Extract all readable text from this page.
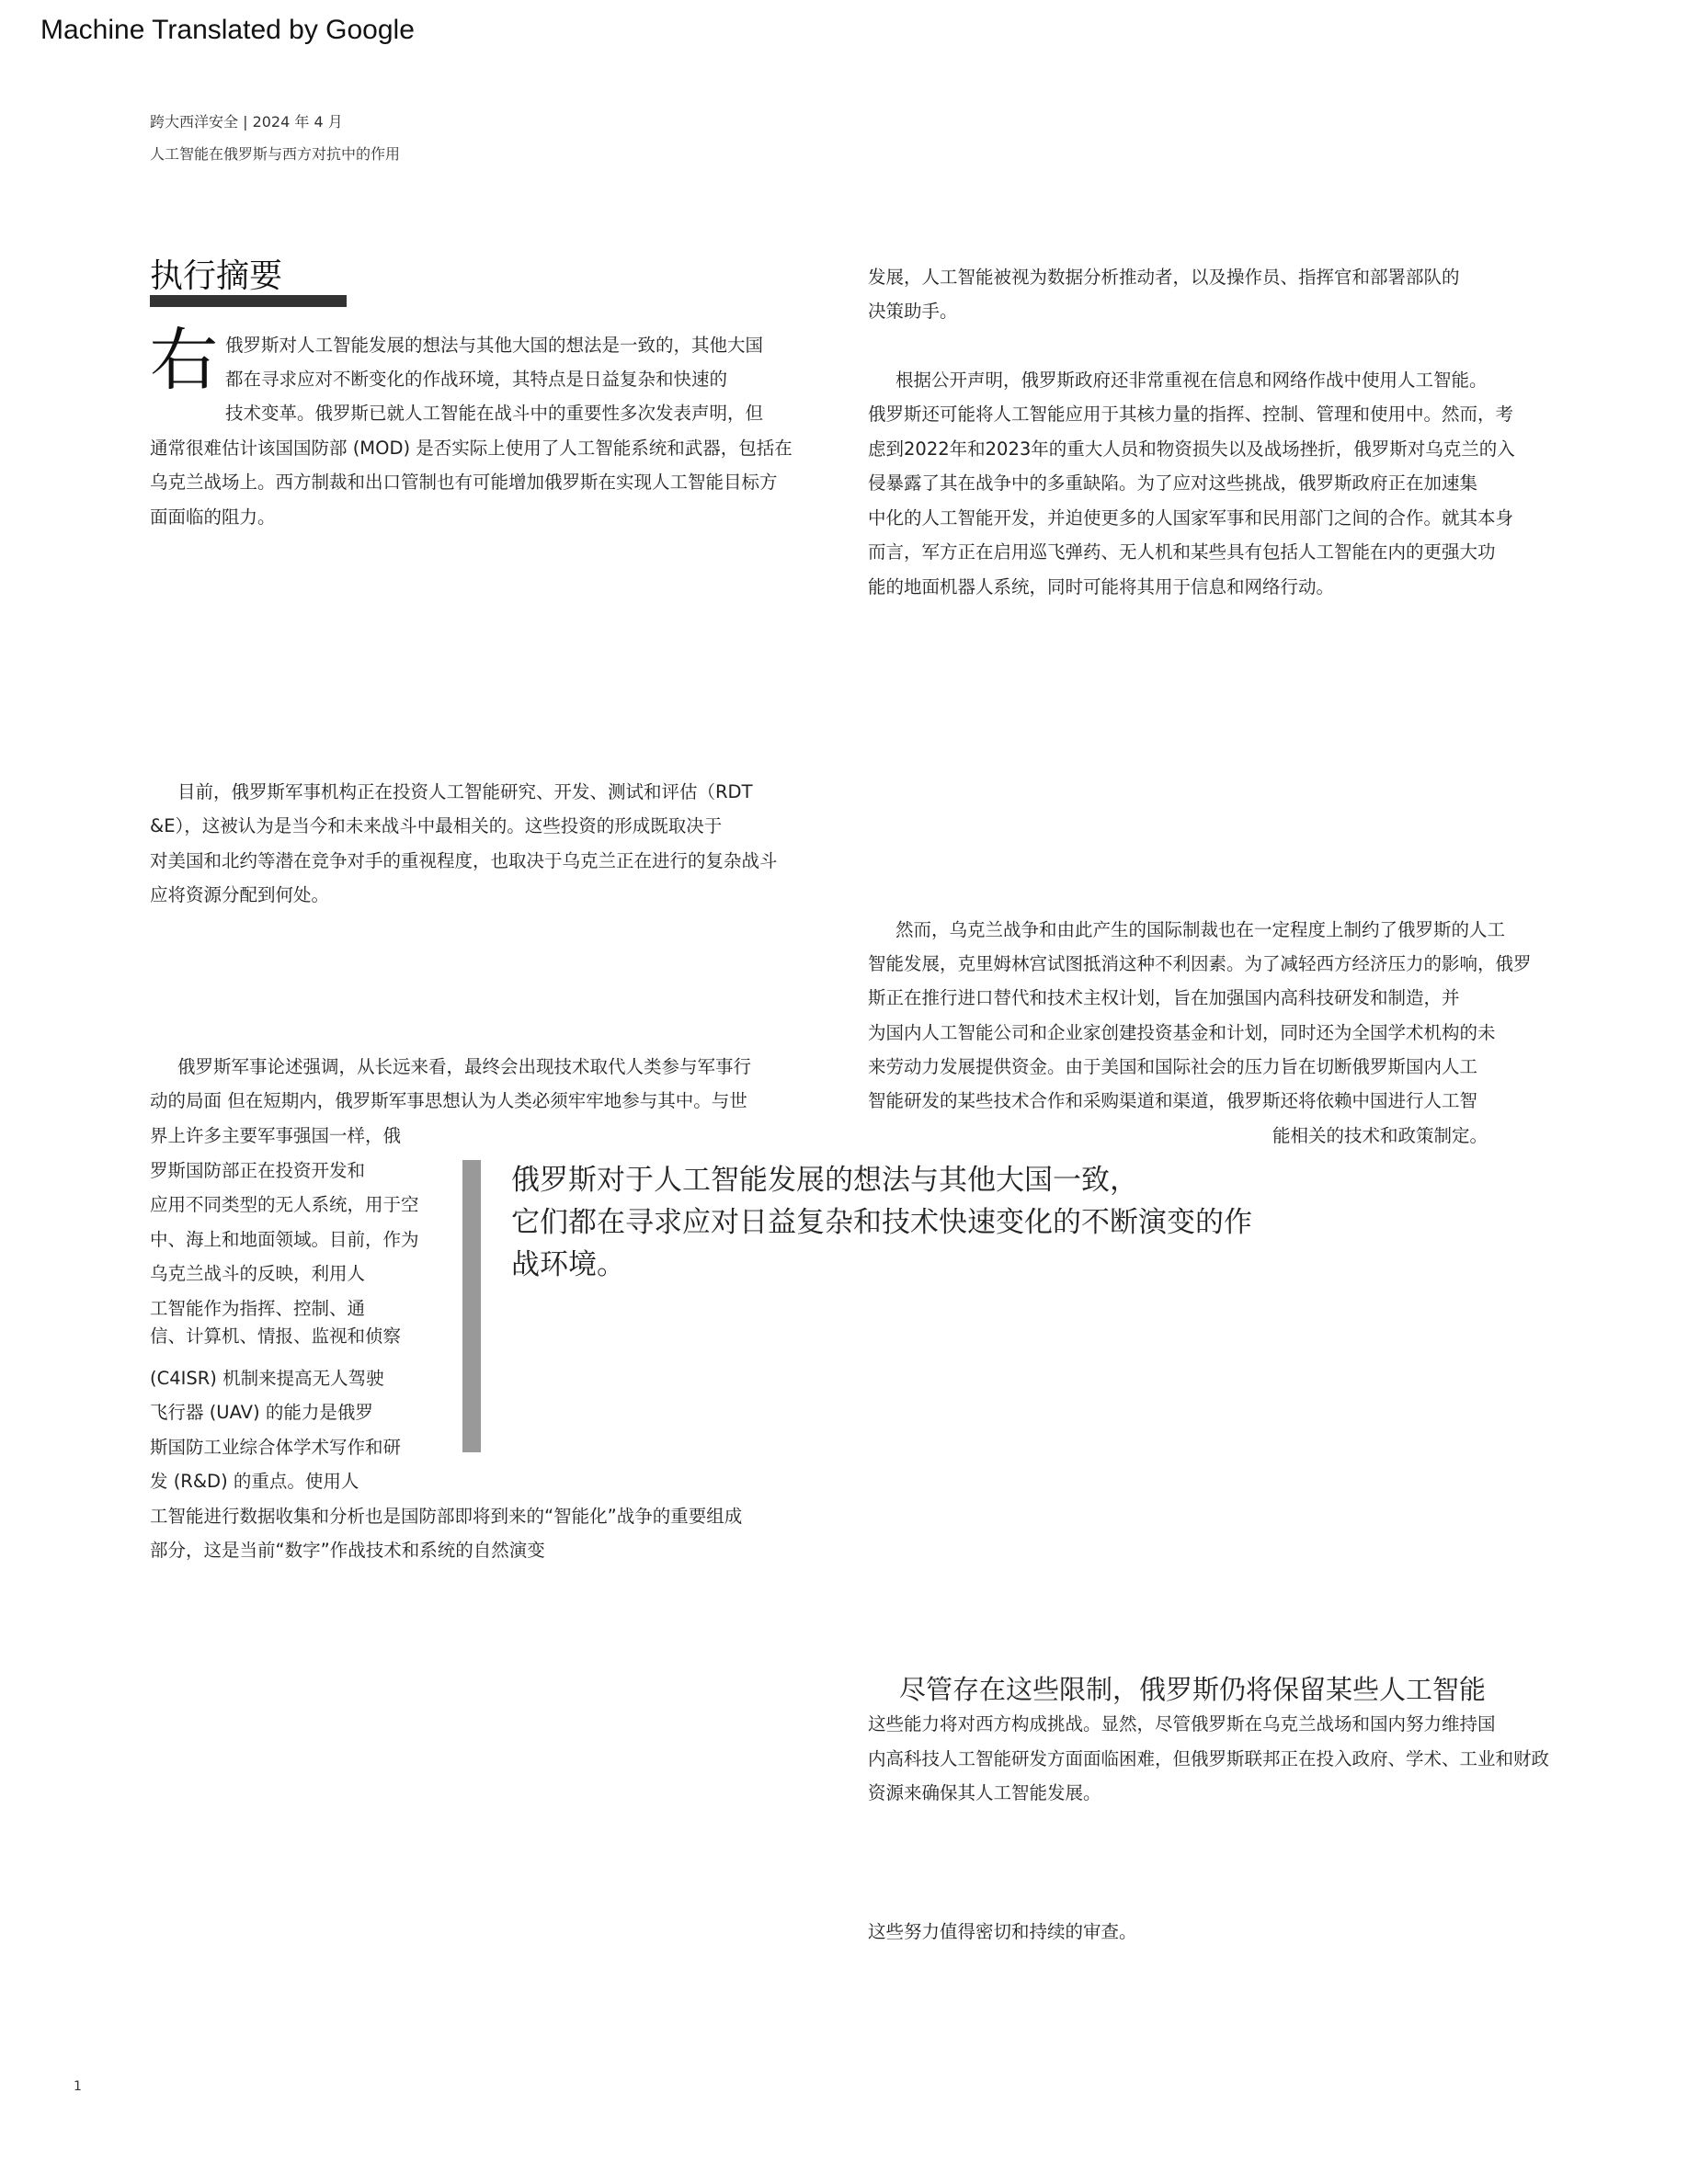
Machine Translated by Google
跨大西洋安全 | 2024 年 4 月
人工智能在俄罗斯与西方对抗中的作用
执行摘要
右 俄罗斯对人工智能发展的想法与其他大国的想法是一致的，其他大国
都在寻求应对不断变化的作战环境，其特点是日益复杂和快速的
技术变革。俄罗斯已就人工智能在战斗中的重要性多次发表声明，但
通常很难估计该国国防部 (MOD) 是否实际上使用了人工智能系统和武器，包括在
乌克兰战场上。西方制裁和出口管制也有可能增加俄罗斯在实现人工智能目标方
面面临的阻力。
目前，俄罗斯军事机构正在投资人工智能研究、开发、测试和评估（RDT
&E），这被认为是当今和未来战斗中最相关的。这些投资的形成既取决于
对美国和北约等潜在竞争对手的重视程度，也取决于乌克兰正在进行的复杂战斗
应将资源分配到何处。
俄罗斯军事论述强调，从长远来看，最终会出现技术取代人类参与军事行
动的局面 但在短期内，俄罗斯军事思想认为人类必须牢牢地参与其中。与世
界上许多主要军事强国一样，俄
罗斯国防部正在投资开发和
应用不同类型的无人系统，用于空
中、海上和地面领域。目前，作为
乌克兰战斗的反映，利用人
工智能作为指挥、控制、通
信、计算机、情报、监视和侦察
(C4ISR) 机制来提高无人驾驶
飞行器 (UAV) 的能力是俄罗
斯国防工业综合体学术写作和研
发 (R&D) 的重点。使用人
工智能进行数据收集和分析也是国防部即将到来的“智能化”战争的重要组成
部分，这是当前“数字”作战技术和系统的自然演变
俄罗斯对于人工智能发展的想法与其他大国一致，
它们都在寻求应对日益复杂和技术快速变化的不断演变的作
战环境。
发展，人工智能被视为数据分析推动者，以及操作员、指挥官和部署部队的
决策助手。
根据公开声明，俄罗斯政府还非常重视在信息和网络作战中使用人工智能。
俄罗斯还可能将人工智能应用于其核力量的指挥、控制、管理和使用中。然而，考
虑到2022年和2023年的重大人员和物资损失以及战场挫折，俄罗斯对乌克兰的入
侵暴露了其在战争中的多重缺陷。为了应对这些挑战，俄罗斯政府正在加速集
中化的人工智能开发，并迫使更多的人国家军事和民用部门之间的合作。就其本身
而言，军方正在启用巡飞弹药、无人机和某些具有包括人工智能在内的更强大功
能的地面机器人系统，同时可能将其用于信息和网络行动。
然而，乌克兰战争和由此产生的国际制裁也在一定程度上制约了俄罗斯的人工
智能发展，克里姆林宫试图抵消这种不利因素。为了减轻西方经济压力的影响，俄罗
斯正在推行进口替代和技术主权计划，旨在加强国内高科技研发和制造，并
为国内人工智能公司和企业家创建投资基金和计划，同时还为全国学术机构的未
来劳动力发展提供资金。由于美国和国际社会的压力旨在切断俄罗斯国内人工
智能研发的某些技术合作和采购渠道和渠道，俄罗斯还将依赖中国进行人工智
能相关的技术和政策制定。
尽管存在这些限制，俄罗斯仍将保留某些人工智能
这些能力将对西方构成挑战。显然，尽管俄罗斯在乌克兰战场和国内努力维持国
内高科技人工智能研发方面面临困难，但俄罗斯联邦正在投入政府、学术、工业和财政
资源来确保其人工智能发展。
这些努力值得密切和持续的审查。
1
